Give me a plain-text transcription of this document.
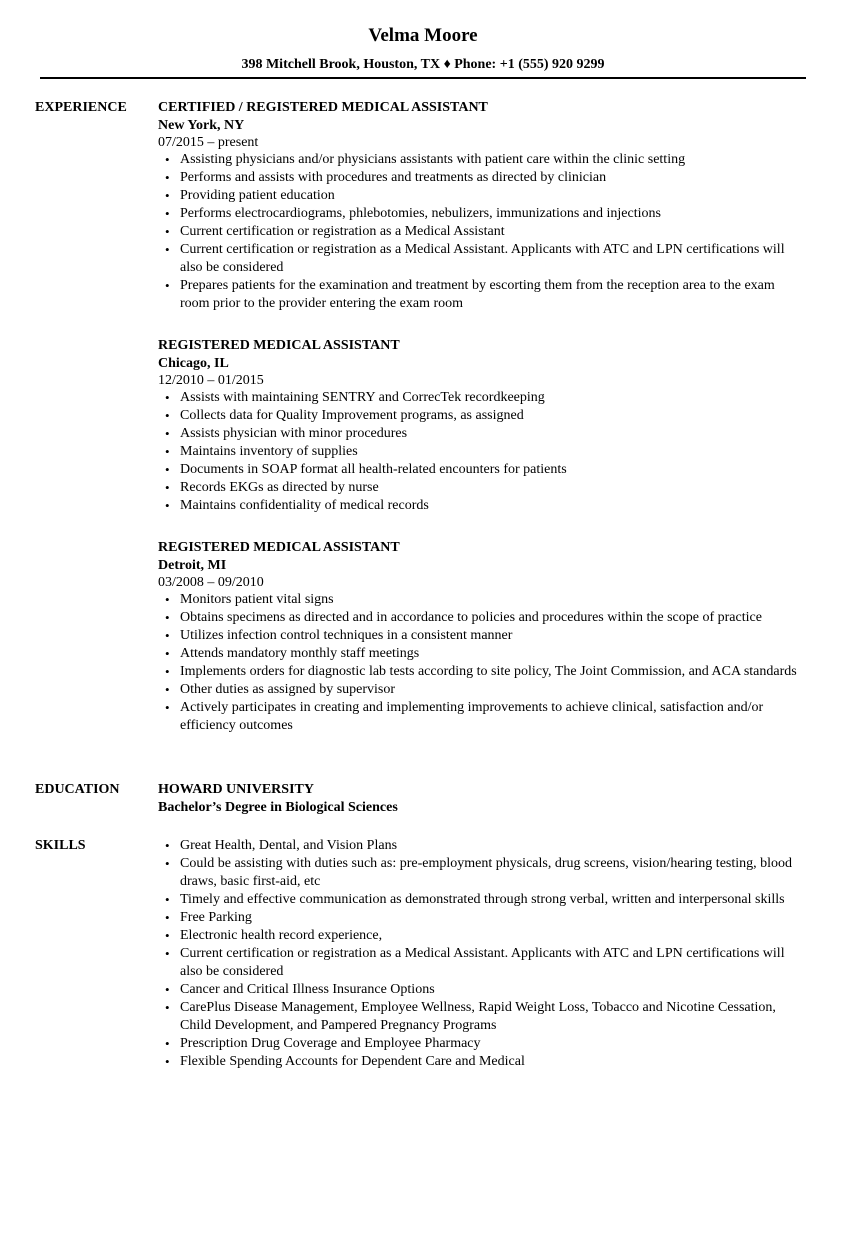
Velma Moore
398 Mitchell Brook, Houston, TX ♦ Phone: +1 (555) 920 9299
EXPERIENCE CERTIFIED / REGISTERED MEDICAL ASSISTANT
New York, NY
07/2015 – present
• Assisting physicians and/or physicians assistants with patient care within the clinic setting
• Performs and assists with procedures and treatments as directed by clinician
• Providing patient education
• Performs electrocardiograms, phlebotomies, nebulizers, immunizations and injections
• Current certification or registration as a Medical Assistant
• Current certification or registration as a Medical Assistant. Applicants with ATC and LPN certifications will also be considered
• Prepares patients for the examination and treatment by escorting them from the reception area to the exam room prior to the provider entering the exam room
REGISTERED MEDICAL ASSISTANT
Chicago, IL
12/2010 – 01/2015
• Assists with maintaining SENTRY and CorrecTek recordkeeping
• Collects data for Quality Improvement programs, as assigned
• Assists physician with minor procedures
• Maintains inventory of supplies
• Documents in SOAP format all health-related encounters for patients
• Records EKGs as directed by nurse
• Maintains confidentiality of medical records
REGISTERED MEDICAL ASSISTANT
Detroit, MI
03/2008 – 09/2010
• Monitors patient vital signs
• Obtains specimens as directed and in accordance to policies and procedures within the scope of practice
• Utilizes infection control techniques in a consistent manner
• Attends mandatory monthly staff meetings
• Implements orders for diagnostic lab tests according to site policy, The Joint Commission, and ACA standards
• Other duties as assigned by supervisor
• Actively participates in creating and implementing improvements to achieve clinical, satisfaction and/or efficiency outcomes
EDUCATION	HOWARD UNIVERSITY
Bachelor’s Degree in Biological Sciences
SKILLS
•	Great Health, Dental, and Vision Plans
• Could be assisting with duties such as: pre-employment physicals, drug screens, vision/hearing testing, blood draws, basic first-aid, etc
• Timely and effective communication as demonstrated through strong verbal, written and interpersonal skills
• Free Parking
• Electronic health record experience,
• Current certification or registration as a Medical Assistant. Applicants with ATC and LPN certifications will also be considered
• Cancer and Critical Illness Insurance Options
• CarePlus Disease Management, Employee Wellness, Rapid Weight Loss, Tobacco and Nicotine Cessation, Child Development, and Pampered Pregnancy Programs
• Prescription Drug Coverage and Employee Pharmacy
• Flexible Spending Accounts for Dependent Care and Medical
